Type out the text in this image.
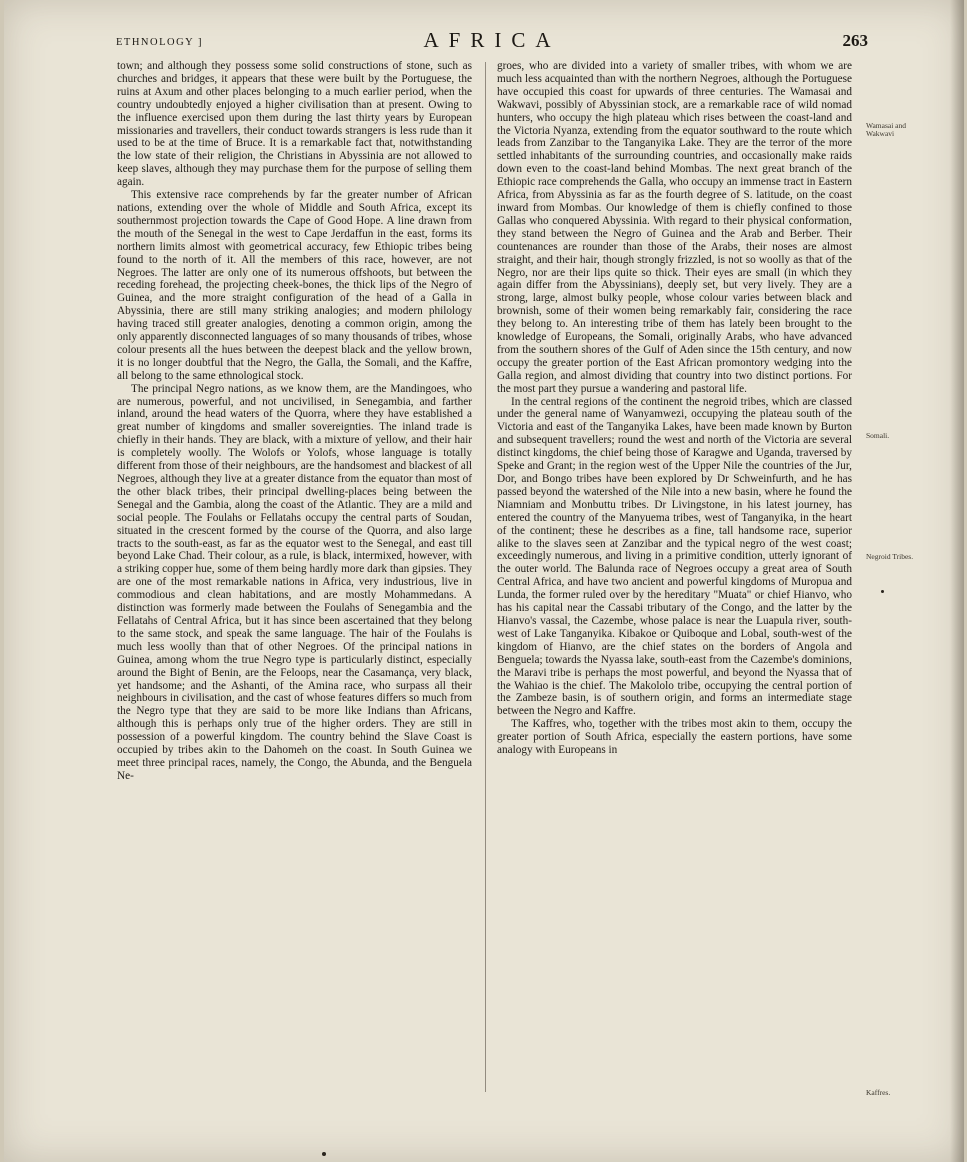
ETHNOLOGY ]	AFRICA	263

town; and although they possess some solid constructions of stone, such as churches and bridges, it appears that these were built by the Portuguese, the ruins at Axum and other places belonging to a much earlier period, when the country undoubtedly enjoyed a higher civilisation than at present. Owing to the influence exercised upon them during the last thirty years by European missionaries and travellers, their conduct towards strangers is less rude than it used to be at the time of Bruce. It is a remarkable fact that, notwithstanding the low state of their religion, the Christians in Abyssinia are not allowed to keep slaves, although they may purchase them for the purpose of selling them again.

This extensive race comprehends by far the greater number of African nations, extending over the whole of Middle and South Africa, except its southernmost projection towards the Cape of Good Hope. A line drawn from the mouth of the Senegal in the west to Cape Jerdaffun in the east, forms its northern limits almost with geometrical accuracy, few Ethiopic tribes being found to the north of it. All the members of this race, however, are not Negroes. The latter are only one of its numerous offshoots, but between the receding forehead, the projecting cheek-bones, the thick lips of the Negro of Guinea, and the more straight configuration of the head of a Galla in Abyssinia, there are still many striking analogies; and modern philology having traced still greater analogies, denoting a common origin, among the only apparently disconnected languages of so many thousands of tribes, whose colour presents all the hues between the deepest black and the yellow brown, it is no longer doubtful that the Negro, the Galla, the Somali, and the Kaffre, all belong to the same ethnological stock.

The principal Negro nations, as we know them, are the Mandingoes, who are numerous, powerful, and not uncivilised, in Senegambia, and farther inland, around the head waters of the Quorra, where they have established a great number of kingdoms and smaller sovereignties. The inland trade is chiefly in their hands. They are black, with a mixture of yellow, and their hair is completely woolly. The Wolofs or Yolofs, whose language is totally different from those of their neighbours, are the handsomest and blackest of all Negroes, although they live at a greater distance from the equator than most of the other black tribes, their principal dwelling-places being between the Senegal and the Gambia, along the coast of the Atlantic. They are a mild and social people. The Foulahs or Fellatahs occupy the central parts of Soudan, situated in the crescent formed by the course of the Quorra, and also large tracts to the south-east, as far as the equator west to the Senegal, and east till beyond Lake Chad. Their colour, as a rule, is black, intermixed, however, with a striking copper hue, some of them being hardly more dark than gipsies. They are one of the most remarkable nations in Africa, very industrious, live in commodious and clean habitations, and are mostly Mohammedans. A distinction was formerly made between the Foulahs of Senegambia and the Fellatahs of Central Africa, but it has since been ascertained that they belong to the same stock, and speak the same language. The hair of the Foulahs is much less woolly than that of other Negroes. Of the principal nations in Guinea, among whom the true Negro type is particularly distinct, especially around the Bight of Benin, are the Feloops, near the Casamança, very black, yet handsome; and the Ashanti, of the Amina race, who surpass all their neighbours in civilisation, and the cast of whose features differs so much from the Negro type that they are said to be more like Indians than Africans, although this is perhaps only true of the higher orders. They are still in possession of a powerful kingdom. The country behind the Slave Coast is occupied by tribes akin to the Dahomeh on the coast. In South Guinea we meet three principal races, namely, the Congo, the Abunda, and the Benguela Ne-

groes, who are divided into a variety of smaller tribes, with whom we are much less acquainted than with the northern Negroes, although the Portuguese have occupied this coast for upwards of three centuries. The Wamasai and Wakwavi, possibly of Abyssinian stock, are a remarkable race of wild nomad hunters, who occupy the high plateau which rises between the coast-land and the Victoria Nyanza, extending from the equator southward to the route which leads from Zanzibar to the Tanganyika Lake. They are the terror of the more settled inhabitants of the surrounding countries, and occasionally make raids down even to the coast-land behind Mombas. The next great branch of the Ethiopic race comprehends the Galla, who occupy an immense tract in Eastern Africa, from Abyssinia as far as the fourth degree of S. latitude, on the coast inward from Mombas. Our knowledge of them is chiefly confined to those Gallas who conquered Abyssinia. With regard to their physical conformation, they stand between the Negro of Guinea and the Arab and Berber. Their countenances are rounder than those of the Arabs, their noses are almost straight, and their hair, though strongly frizzled, is not so woolly as that of the Negro, nor are their lips quite so thick. Their eyes are small (in which they again differ from the Abyssinians), deeply set, but very lively. They are a strong, large, almost bulky people, whose colour varies between black and brownish, some of their women being remarkably fair, considering the race they belong to. An interesting tribe of them has lately been brought to the knowledge of Europeans, the Somali, originally Arabs, who have advanced from the southern shores of the Gulf of Aden since the 15th century, and now occupy the greater portion of the East African promontory wedging into the Galla region, and almost dividing that country into two distinct portions. For the most part they pursue a wandering and pastoral life.

In the central regions of the continent the negroid tribes, which are classed under the general name of Wanyamwezi, occupying the plateau south of the Victoria and east of the Tanganyika Lakes, have been made known by Burton and subsequent travellers; round the west and north of the Victoria are several distinct kingdoms, the chief being those of Karagwe and Uganda, traversed by Speke and Grant; in the region west of the Upper Nile the countries of the Jur, Dor, and Bongo tribes have been explored by Dr Schweinfurth, and he has passed beyond the watershed of the Nile into a new basin, where he found the Niamniam and Monbuttu tribes. Dr Livingstone, in his latest journey, has entered the country of the Manyuema tribes, west of Tanganyika, in the heart of the continent; these he describes as a fine, tall handsome race, superior alike to the slaves seen at Zanzibar and the typical negro of the west coast; exceedingly numerous, and living in a primitive condition, utterly ignorant of the outer world. The Balunda race of Negroes occupy a great area of South Central Africa, and have two ancient and powerful kingdoms of Muropua and Lunda, the former ruled over by the hereditary "Muata" or chief Hianvo, who has his capital near the Cassabi tributary of the Congo, and the latter by the Hianvo's vassal, the Cazembe, whose palace is near the Luapula river, south-west of Lake Tanganyika. Kibakoe or Quiboque and Lobal, south-west of the kingdom of Hianvo, are the chief states on the borders of Angola and Benguela; towards the Nyassa lake, south-east from the Cazembe's dominions, the Maravi tribe is perhaps the most powerful, and beyond the Nyassa that of the Wahiao is the chief. The Makololo tribe, occupying the central portion of the Zambeze basin, is of southern origin, and forms an intermediate stage between the Negro and Kaffre.

The Kaffres, who, together with the tribes most akin to them, occupy the greater portion of South Africa, especially the eastern portions, have some analogy with Europeans in

Wamasai and Wakwavi
Somali.
Negroid Tribes.
Kaffres.
